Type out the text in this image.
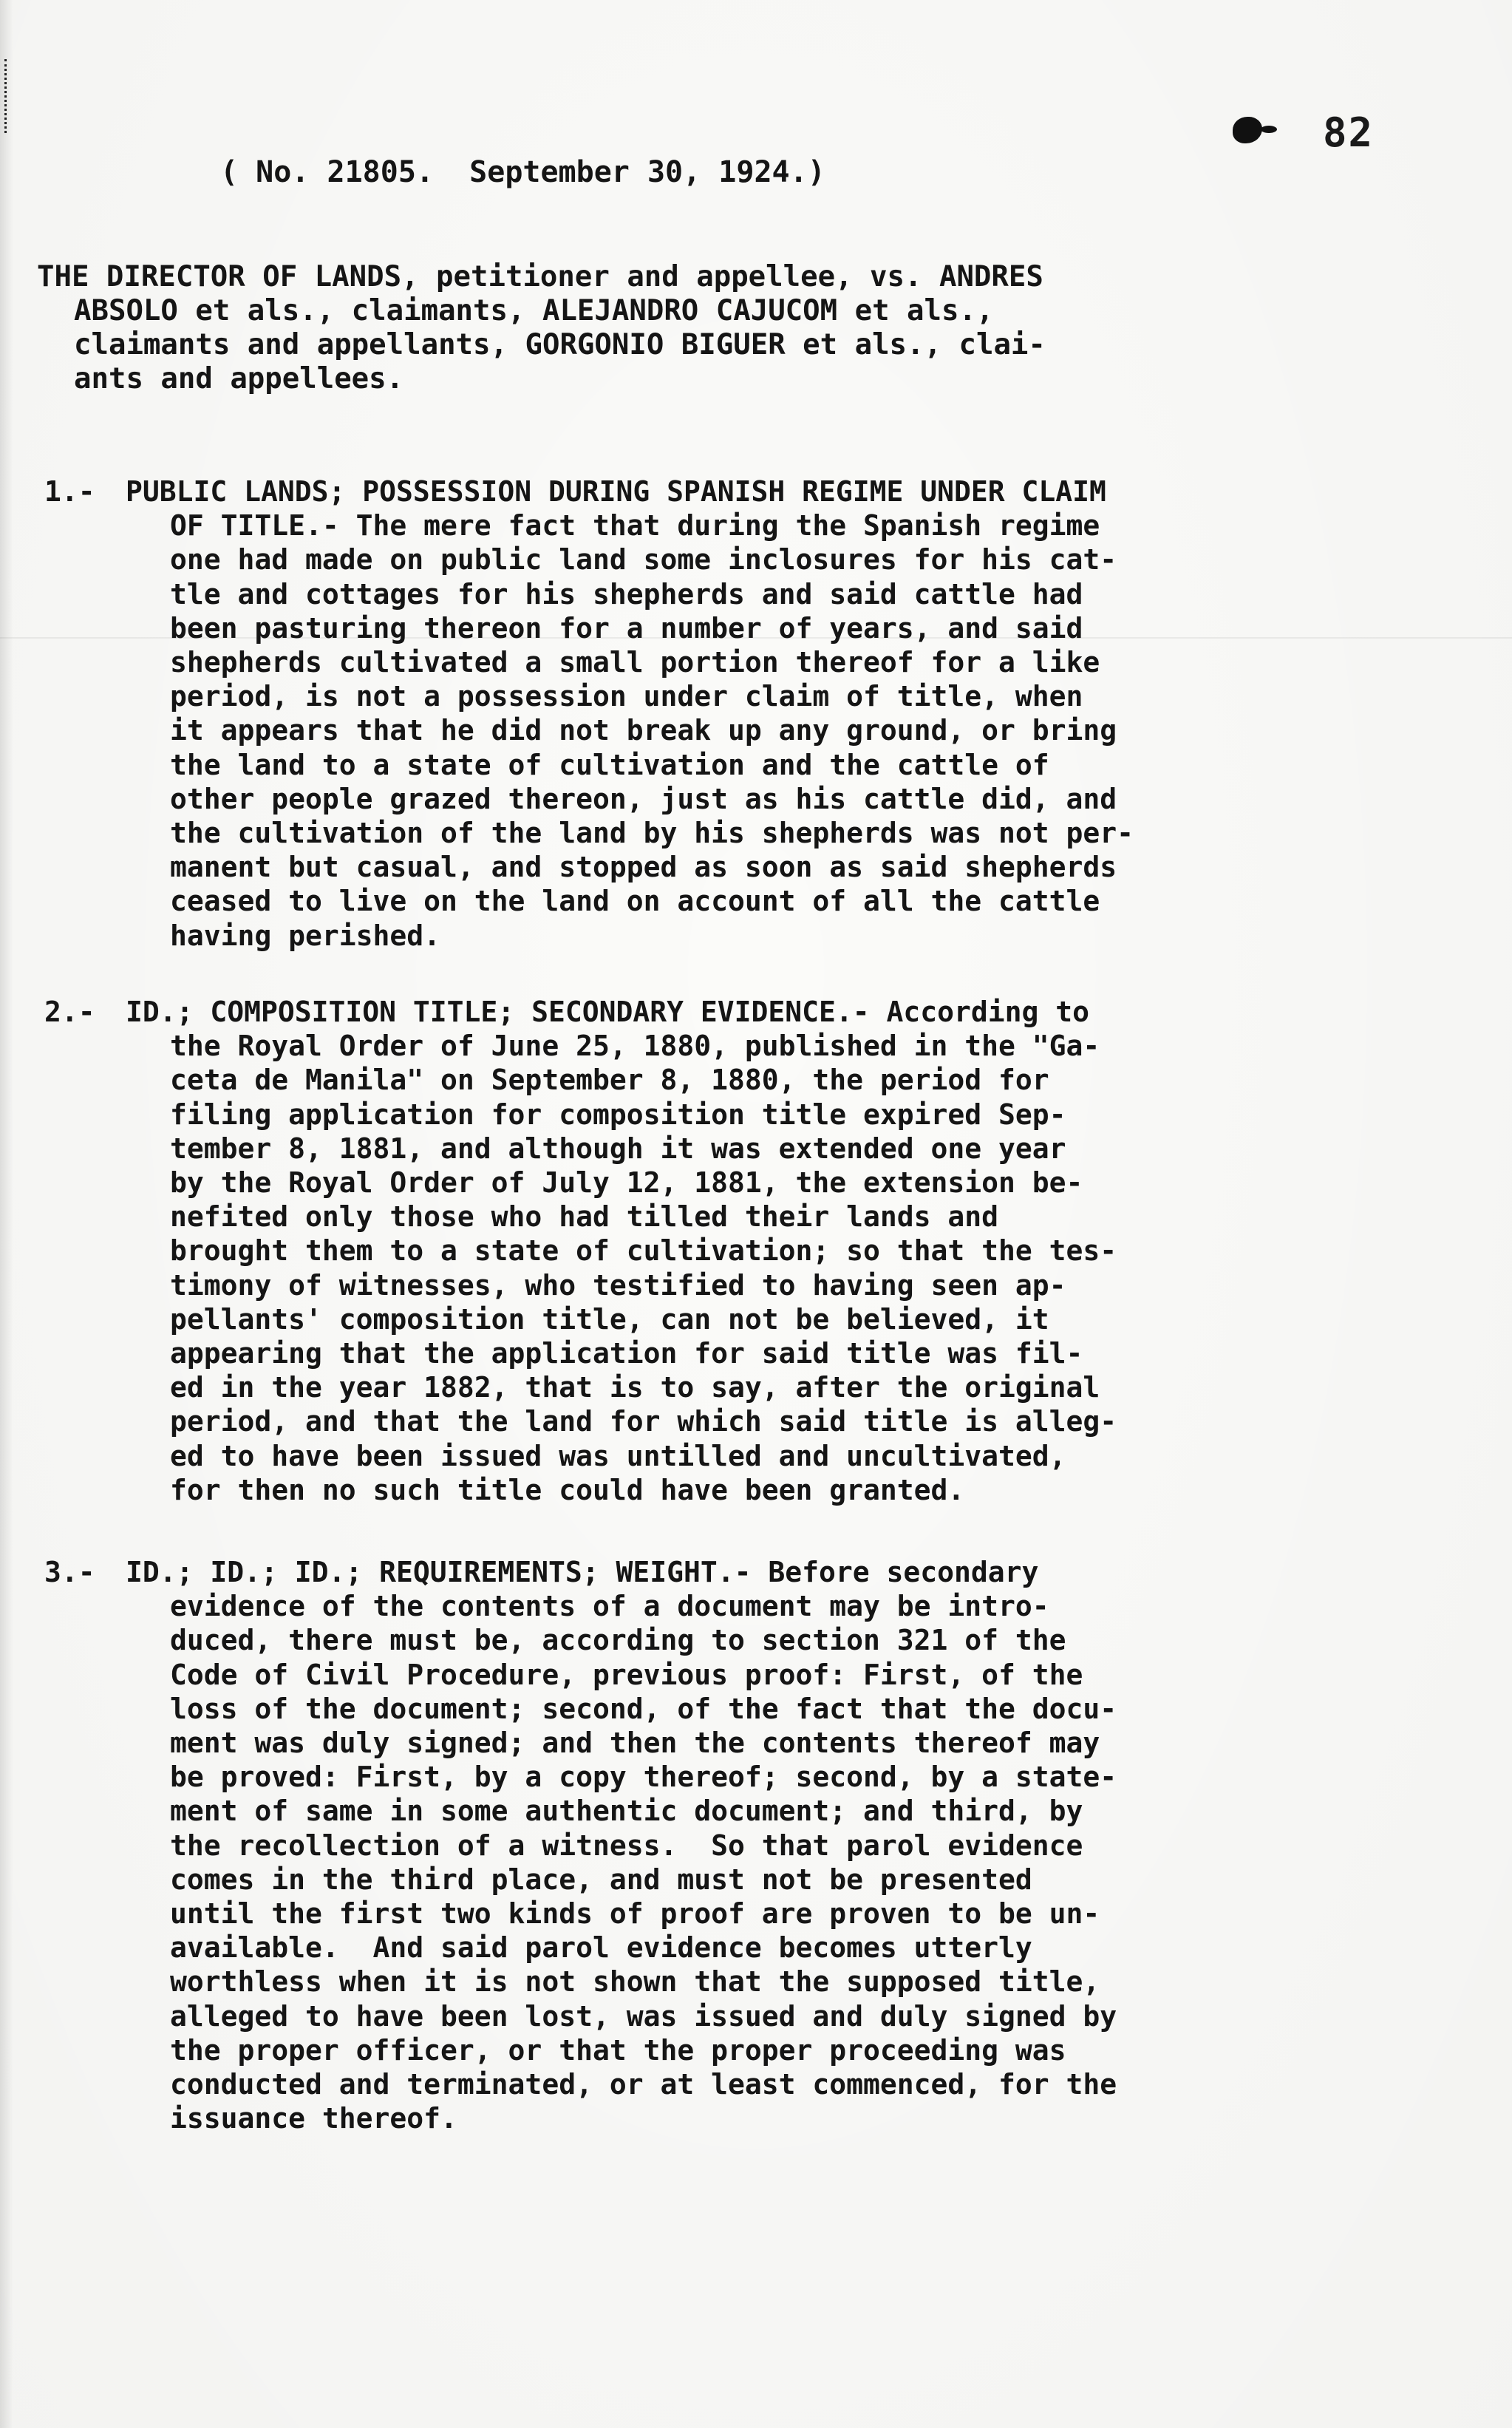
82
( No. 21805.  September 30, 1924.)
THE DIRECTOR OF LANDS, petitioner and appellee, vs. ANDRES
ABSOLO et als., claimants, ALEJANDRO CAJUCOM et als.,
claimants and appellants, GORGONIO BIGUER et als., clai-
ants and appellees.
1.-	PUBLIC LANDS; POSSESSION DURING SPANISH REGIME UNDER CLAIM
OF TITLE.- The mere fact that during the Spanish regime
one had made on public land some inclosures for his cat-
tle and cottages for his shepherds and said cattle had
been pasturing thereon for a number of years, and said
shepherds cultivated a small portion thereof for a like
period, is not a possession under claim of title, when
it appears that he did not break up any ground, or bring
the land to a state of cultivation and the cattle of
other people grazed thereon, just as his cattle did, and
the cultivation of the land by his shepherds was not per-
manent but casual, and stopped as soon as said shepherds
ceased to live on the land on account of all the cattle
having perished.
2.-	ID.; COMPOSITION TITLE; SECONDARY EVIDENCE.- According to
the Royal Order of June 25, 1880, published in the "Ga-
ceta de Manila" on September 8, 1880, the period for
filing application for composition title expired Sep-
tember 8, 1881, and although it was extended one year
by the Royal Order of July 12, 1881, the extension be-
nefited only those who had tilled their lands and
brought them to a state of cultivation; so that the tes-
timony of witnesses, who testified to having seen ap-
pellants' composition title, can not be believed, it
appearing that the application for said title was fil-
ed in the year 1882, that is to say, after the original
period, and that the land for which said title is alleg-
ed to have been issued was untilled and uncultivated,
for then no such title could have been granted.
3.-	ID.; ID.; ID.; REQUIREMENTS; WEIGHT.- Before secondary
evidence of the contents of a document may be intro-
duced, there must be, according to section 321 of the
Code of Civil Procedure, previous proof: First, of the
loss of the document; second, of the fact that the docu-
ment was duly signed; and then the contents thereof may
be proved: First, by a copy thereof; second, by a state-
ment of same in some authentic document; and third, by
the recollection of a witness.  So that parol evidence
comes in the third place, and must not be presented
until the first two kinds of proof are proven to be un-
available.  And said parol evidence becomes utterly
worthless when it is not shown that the supposed title,
alleged to have been lost, was issued and duly signed by
the proper officer, or that the proper proceeding was
conducted and terminated, or at least commenced, for the
issuance thereof.
